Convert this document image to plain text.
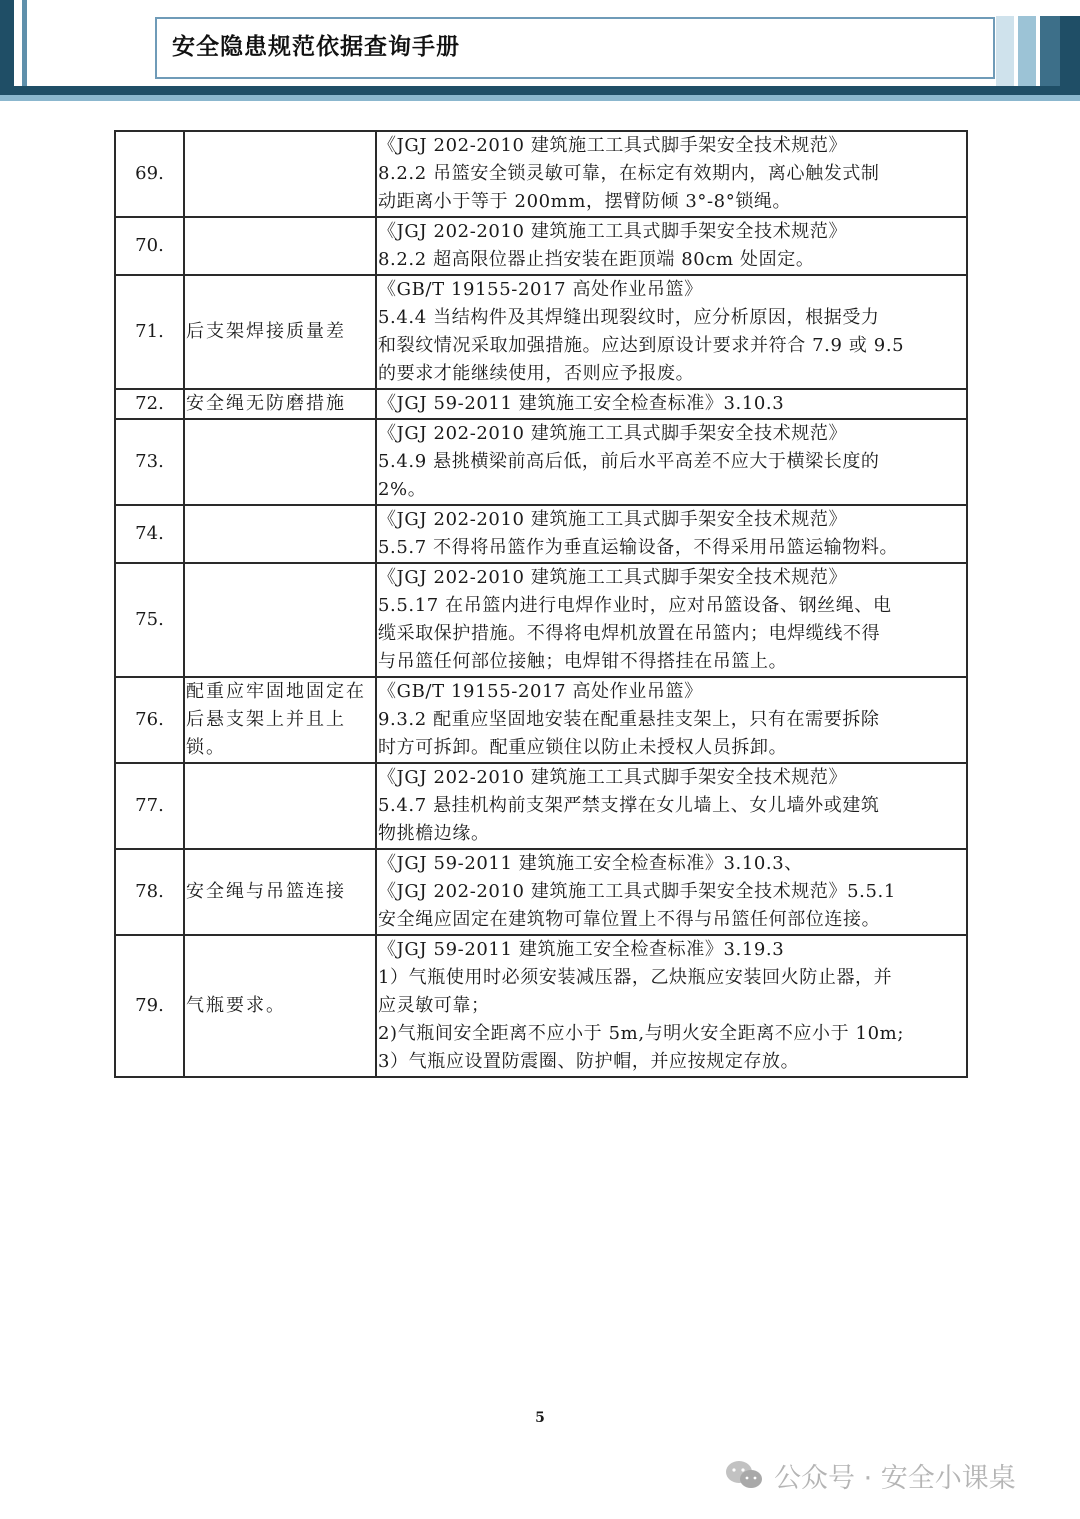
安全隐患规范依据查询手册
69.		《JGJ 202-2010 建筑施工工具式脚手架安全技术规范》
8.2.2 吊篮安全锁灵敏可靠，在标定有效期内，离心触发式制
动距离小于等于 200mm，摆臂防倾 3°-8°锁绳。

70.		《JGJ 202-2010 建筑施工工具式脚手架安全技术规范》
8.2.2 超高限位器止挡安装在距顶端 80cm 处固定。

71.	后支架焊接质量差	《GB/T 19155-2017 高处作业吊篮》
5.4.4 当结构件及其焊缝出现裂纹时，应分析原因，根据受力
和裂纹情况采取加强措施。应达到原设计要求并符合 7.9 或 9.5
的要求才能继续使用，否则应予报废。

72.	安全绳无防磨措施	《JGJ 59-2011 建筑施工安全检查标准》3.10.3

73.		《JGJ 202-2010 建筑施工工具式脚手架安全技术规范》
5.4.9 悬挑横梁前高后低，前后水平高差不应大于横梁长度的
2%。

74.		《JGJ 202-2010 建筑施工工具式脚手架安全技术规范》
5.5.7 不得将吊篮作为垂直运输设备，不得采用吊篮运输物料。

75.		《JGJ 202-2010 建筑施工工具式脚手架安全技术规范》
5.5.17 在吊篮内进行电焊作业时，应对吊篮设备、钢丝绳、电
缆采取保护措施。不得将电焊机放置在吊篮内；电焊缆线不得
与吊篮任何部位接触；电焊钳不得搭挂在吊篮上。

76.	配重应牢固地固定在后悬支架上并且上锁。	《GB/T 19155-2017 高处作业吊篮》
9.3.2 配重应坚固地安装在配重悬挂支架上，只有在需要拆除
时方可拆卸。配重应锁住以防止未授权人员拆卸。

77.		《JGJ 202-2010 建筑施工工具式脚手架安全技术规范》
5.4.7 悬挂机构前支架严禁支撑在女儿墙上、女儿墙外或建筑
物挑檐边缘。

78.	安全绳与吊篮连接	《JGJ 59-2011 建筑施工安全检查标准》3.10.3、
《JGJ 202-2010 建筑施工工具式脚手架安全技术规范》5.5.1
安全绳应固定在建筑物可靠位置上不得与吊篮任何部位连接。

79.	气瓶要求。	《JGJ 59-2011 建筑施工安全检查标准》3.19.3
1）气瓶使用时必须安装减压器，乙炔瓶应安装回火防止器，并
应灵敏可靠；
2)气瓶间安全距离不应小于 5m,与明火安全距离不应小于 10m;
3）气瓶应设置防震圈、防护帽，并应按规定存放。
5
公众号 · 安全小课桌
